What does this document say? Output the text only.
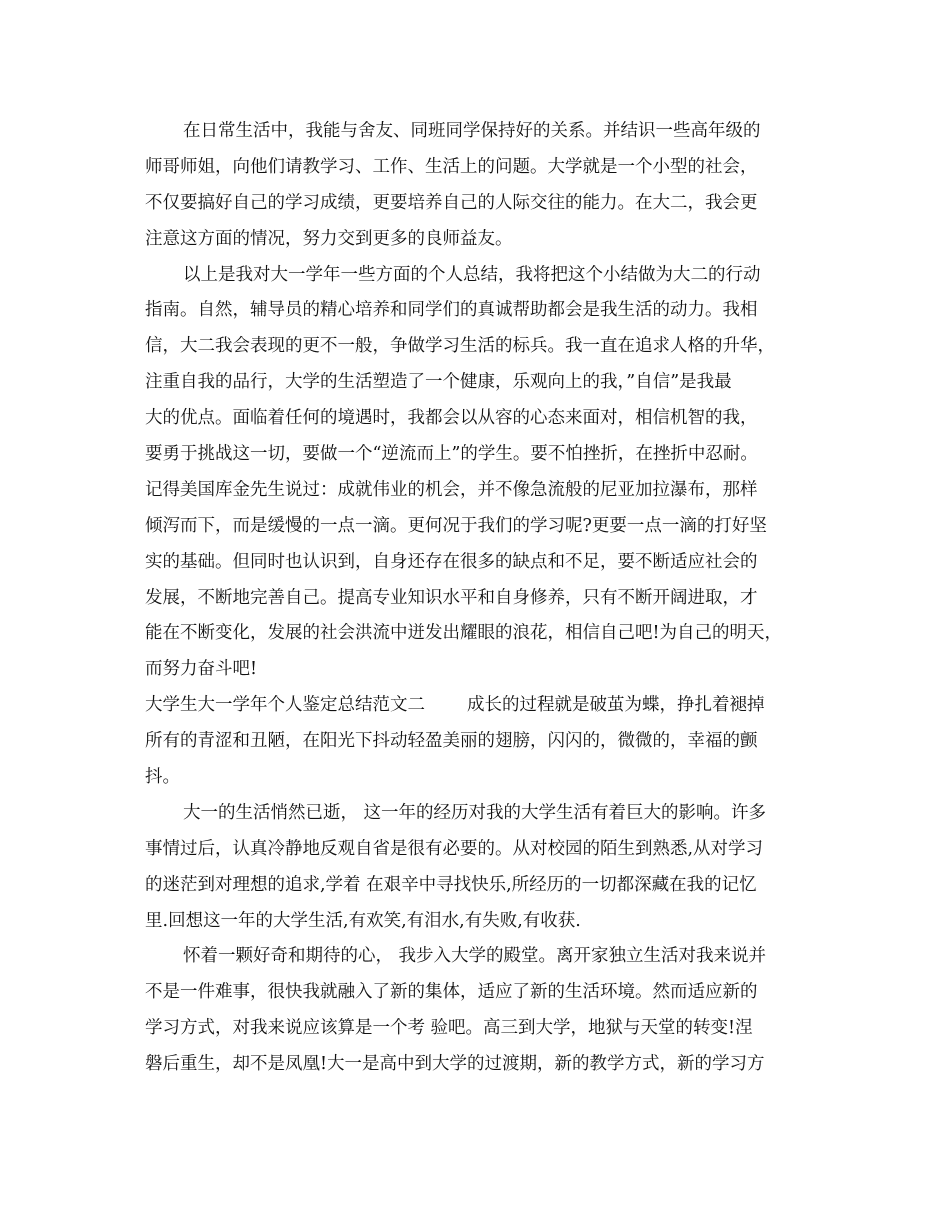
在日常生活中，我能与舍友、同班同学保持好的关系。并结识一些高年级的
师哥师姐，向他们请教学习、工作、生活上的问题。大学就是一个小型的社会，
不仅要搞好自己的学习成绩，更要培养自己的人际交往的能力。在大二，我会更
注意这方面的情况，努力交到更多的良师益友。
以上是我对大一学年一些方面的个人总结，我将把这个小结做为大二的行动
指南。自然，辅导员的精心培养和同学们的真诚帮助都会是我生活的动力。我相
信，大二我会表现的更不一般，争做学习生活的标兵。我一直在追求人格的升华，
注重自我的品行，大学的生活塑造了一个健康，乐观向上的我，”自信”是我最
大的优点。面临着任何的境遇时，我都会以从容的心态来面对，相信机智的我，
要勇于挑战这一切，要做一个“逆流而上”的学生。要不怕挫折，在挫折中忍耐。
记得美国库金先生说过：成就伟业的机会，并不像急流般的尼亚加拉瀑布，那样
倾泻而下，而是缓慢的一点一滴。更何况于我们的学习呢?更要一点一滴的打好坚
实的基础。但同时也认识到，自身还存在很多的缺点和不足，要不断适应社会的
发展，不断地完善自己。提高专业知识水平和自身修养，只有不断开阔进取，才
能在不断变化，发展的社会洪流中迸发出耀眼的浪花，相信自己吧!为自己的明天，
而努力奋斗吧!
大学生大一学年个人鉴定总结范文二 成长的过程就是破茧为蝶，挣扎着褪掉
所有的青涩和丑陋，在阳光下抖动轻盈美丽的翅膀，闪闪的，微微的，幸福的颤
抖。
大一的生活悄然已逝， 这一年的经历对我的大学生活有着巨大的影响。许多
事情过后，认真冷静地反观自省是很有必要的。从对校园的陌生到熟悉,从对学习
的迷茫到对理想的追求,学着 在艰辛中寻找快乐,所经历的一切都深藏在我的记忆
里.回想这一年的大学生活,有欢笑,有泪水,有失败,有收获.
怀着一颗好奇和期待的心， 我步入大学的殿堂。离开家独立生活对我来说并
不是一件难事，很快我就融入了新的集体，适应了新的生活环境。然而适应新的
学习方式，对我来说应该算是一个考 验吧。高三到大学，地狱与天堂的转变!涅
磐后重生，却不是凤凰!大一是高中到大学的过渡期，新的教学方式，新的学习方
